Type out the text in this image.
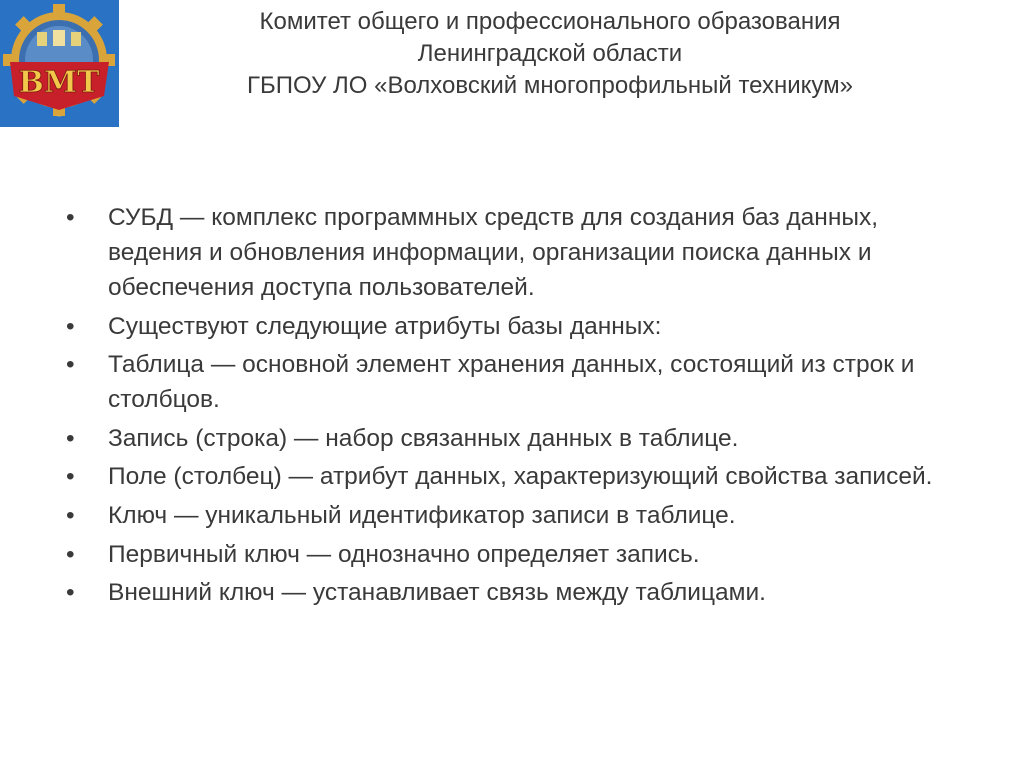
ВМТ
~
Комитет общего и профессионального образования
Ленинградской области
ГБПОУ ЛО «Волховский многопрофильный техникум»
•	СУБД — комплекс программных средств для создания баз данных, ведения и обновления информации, организации поиска данных и обеспечения доступа пользователей.
•	Существуют следующие атрибуты базы данных:
•	Таблица — основной элемент хранения данных, состоящий из строк и столбцов.
•	Запись (строка) — набор связанных данных в таблице.
•	Поле (столбец) — атрибут данных, характеризующий свойства записей.
•	Ключ — уникальный идентификатор записи в таблице.
•	Первичный ключ — однозначно определяет запись.
•	Внешний ключ — устанавливает связь между таблицами.
